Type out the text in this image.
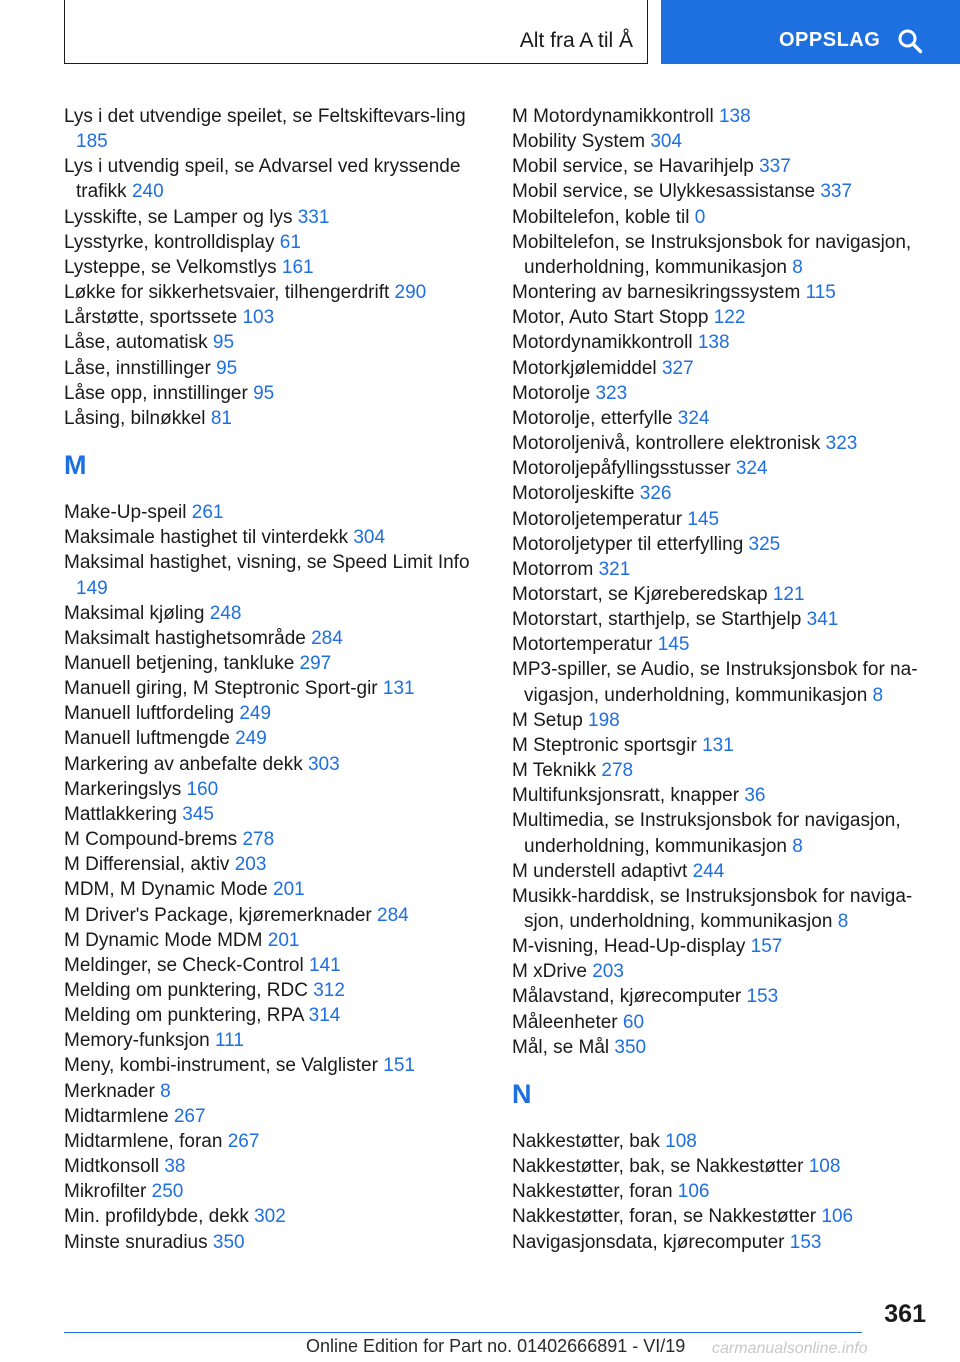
Alt fra A til Å	OPPSLAG
Lys i det utvendige speilet, se Feltskiftevars-ling 185
Lys i utvendig speil, se Advarsel ved kryssende trafikk 240
Lysskifte, se Lamper og lys 331
Lysstyrke, kontrolldisplay 61
Lysteppe, se Velkomstlys 161
Løkke for sikkerhetsvaier, tilhengerdrift 290
Lårstøtte, sportssete 103
Låse, automatisk 95
Låse, innstillinger 95
Låse opp, innstillinger 95
Låsing, bilnøkkel 81
M
Make-Up-speil 261
Maksimale hastighet til vinterdekk 304
Maksimal hastighet, visning, se Speed Limit Info 149
Maksimal kjøling 248
Maksimalt hastighetsområde 284
Manuell betjening, tankluke 297
Manuell giring, M Steptronic Sport-gir 131
Manuell luftfordeling 249
Manuell luftmengde 249
Markering av anbefalte dekk 303
Markeringslys 160
Mattlakkering 345
M Compound-brems 278
M Differensial, aktiv 203
MDM, M Dynamic Mode 201
M Driver's Package, kjøremerknader 284
M Dynamic Mode MDM 201
Meldinger, se Check-Control 141
Melding om punktering, RDC 312
Melding om punktering, RPA 314
Memory-funksjon 111
Meny, kombi-instrument, se Valglister 151
Merknader 8
Midtarmlene 267
Midtarmlene, foran 267
Midtkonsoll 38
Mikrofilter 250
Min. profildybde, dekk 302
Minste snuradius 350
M Motordynamikkontroll 138
Mobility System 304
Mobil service, se Havarihjelp 337
Mobil service, se Ulykkesassistanse 337
Mobiltelefon, koble til 0
Mobiltelefon, se Instruksjonsbok for navigasjon, underholdning, kommunikasjon 8
Montering av barnesikringssystem 115
Motor, Auto Start Stopp 122
Motordynamikkontroll 138
Motorkjølemiddel 327
Motorolje 323
Motorolje, etterfylle 324
Motoroljenivå, kontrollere elektronisk 323
Motoroljepåfyllingsstusser 324
Motoroljeskifte 326
Motoroljetemperatur 145
Motoroljetyper til etterfylling 325
Motorrom 321
Motorstart, se Kjøreberedskap 121
Motorstart, starthjelp, se Starthjelp 341
Motortemperatur 145
MP3-spiller, se Audio, se Instruksjonsbok for na-vigasjon, underholdning, kommunikasjon 8
M Setup 198
M Steptronic sportsgir 131
M Teknikk 278
Multifunksjonsratt, knapper 36
Multimedia, se Instruksjonsbok for navigasjon, underholdning, kommunikasjon 8
M understell adaptivt 244
Musikk-harddisk, se Instruksjonsbok for naviga-sjon, underholdning, kommunikasjon 8
M-visning, Head-Up-display 157
M xDrive 203
Målavstand, kjørecomputer 153
Måleenheter 60
Mål, se Mål 350
N
Nakkestøtter, bak 108
Nakkestøtter, bak, se Nakkestøtter 108
Nakkestøtter, foran 106
Nakkestøtter, foran, se Nakkestøtter 106
Navigasjonsdata, kjørecomputer 153
361
Online Edition for Part no. 01402666891 - VI/19 carmanualsonline.info
